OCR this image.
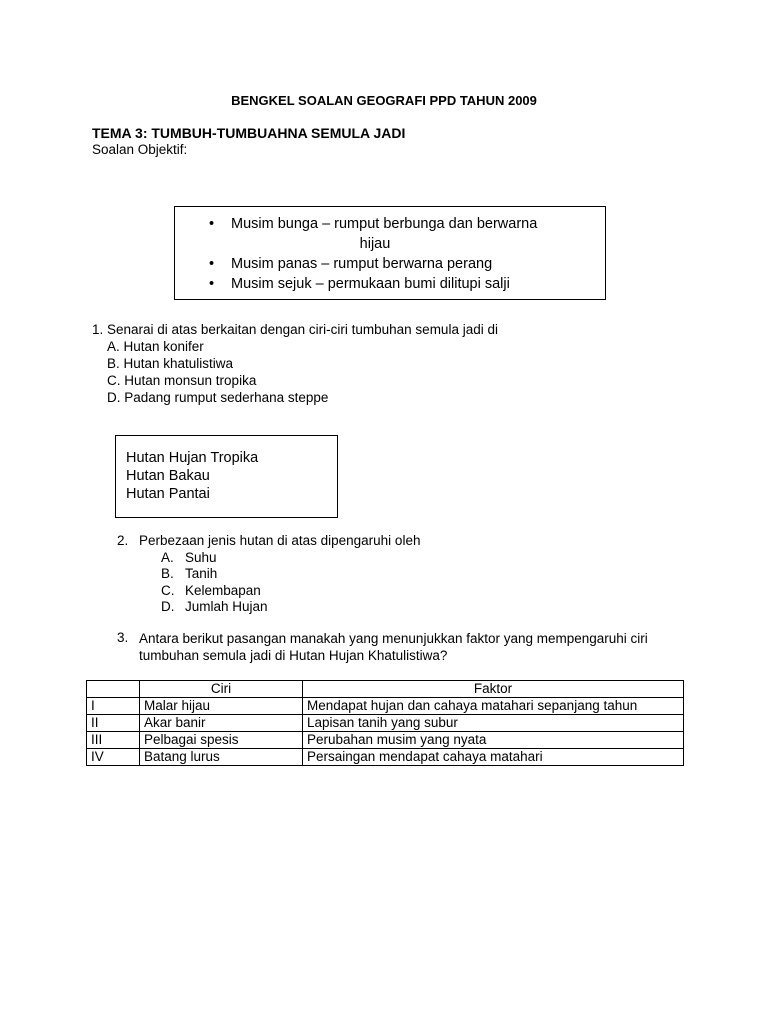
BENGKEL SOALAN GEOGRAFI PPD TAHUN 2009
TEMA 3: TUMBUH-TUMBUAHNA SEMULA JADI
Soalan Objektif:
• Musim bunga – rumput berbunga dan berwarna
hijau
• Musim panas – rumput berwarna perang
• Musim sejuk – permukaan bumi dilitupi salji
1. Senarai di atas berkaitan dengan ciri-ciri tumbuhan semula jadi di
A. Hutan konifer
B. Hutan khatulistiwa
C. Hutan monsun tropika
D. Padang rumput sederhana steppe
Hutan Hujan Tropika
Hutan Bakau
Hutan Pantai
2. Perbezaan jenis hutan di atas dipengaruhi oleh
A. Suhu
B. Tanih
C. Kelembapan
D. Jumlah Hujan
3. Antara berikut pasangan manakah yang menunjukkan faktor yang mempengaruhi ciri
tumbuhan semula jadi di Hutan Hujan Khatulistiwa?
	Ciri	Faktor
I	Malar hijau	Mendapat hujan dan cahaya matahari sepanjang tahun
II	Akar banir	Lapisan tanih yang subur
III	Pelbagai spesis	Perubahan musim yang nyata
IV	Batang lurus	Persaingan mendapat cahaya matahari
